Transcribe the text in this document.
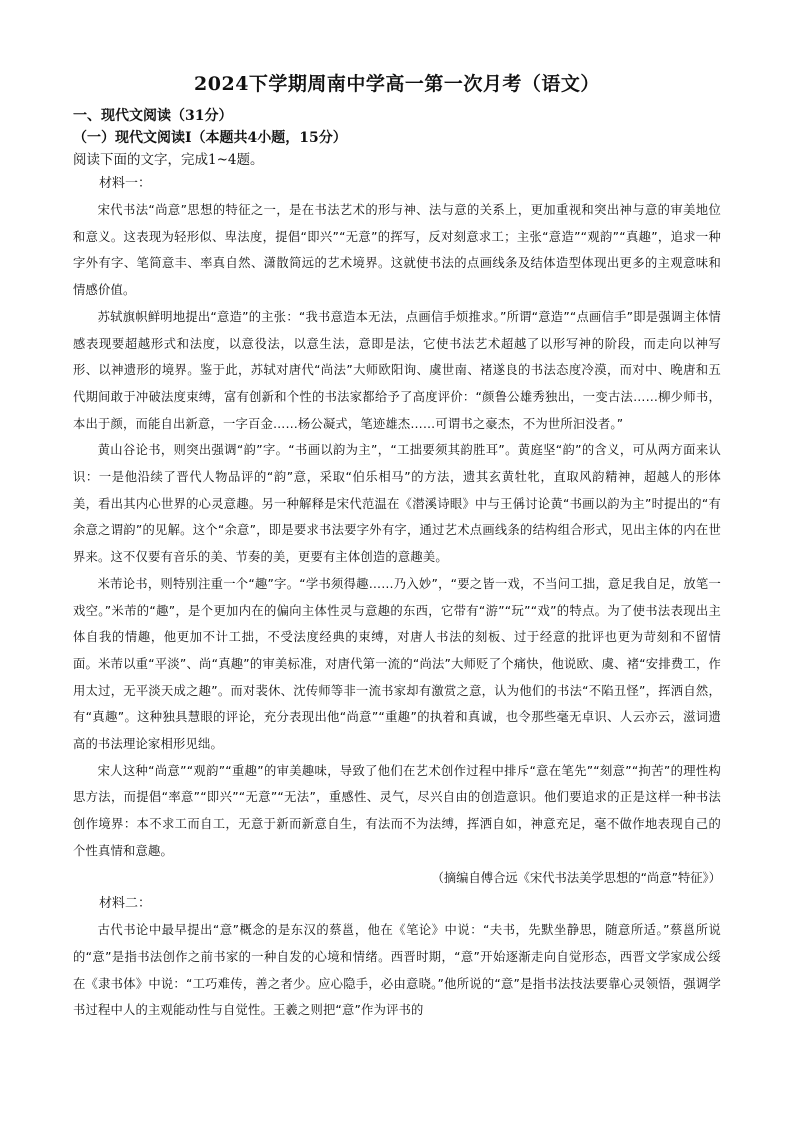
2024下学期周南中学高一第一次月考（语文）

一、现代文阅读（31分）

（一）现代文阅读Ⅰ（本题共4小题，15分）

阅读下面的文字，完成1~4题。

材料一：

宋代书法“尚意”思想的特征之一，是在书法艺术的形与神、法与意的关系上，更加重视和突出神与意的审美地位和意义。这表现为轻形似、卑法度，提倡“即兴”“无意”的挥写，反对刻意求工；主张“意造”“观韵”“真趣”，追求一种字外有字、笔简意丰、率真自然、潇散简远的艺术境界。这就使书法的点画线条及结体造型体现出更多的主观意味和情感价值。

苏轼旗帜鲜明地提出“意造”的主张：“我书意造本无法，点画信手烦推求。”所谓“意造”“点画信手”即是强调主体情感表现要超越形式和法度，以意役法，以意生法，意即是法，它使书法艺术超越了以形写神的阶段，而走向以神写形、以神遗形的境界。鉴于此，苏轼对唐代“尚法”大师欧阳询、虞世南、褚遂良的书法态度冷漠，而对中、晚唐和五代期间敢于冲破法度束缚，富有创新和个性的书法家都给予了高度评价：“颜鲁公雄秀独出，一变古法……柳少师书，本出于颜，而能自出新意，一字百金……杨公凝式，笔迹雄杰……可谓书之豪杰，不为世所汩没者。”

黄山谷论书，则突出强调“韵”字。“书画以韵为主”，“工拙要须其韵胜耳”。黄庭坚“韵”的含义，可从两方面来认识：一是他沿续了晋代人物品评的“韵”意，采取“伯乐相马”的方法，遗其玄黄牡牝，直取风韵精神，超越人的形体美，看出其内心世界的心灵意趣。另一种解释是宋代范温在《潜溪诗眼》中与王偁讨论黄“书画以韵为主”时提出的“有余意之谓韵”的见解。这个“余意”，即是要求书法要字外有字，通过艺术点画线条的结构组合形式，见出主体的内在世界来。这不仅要有音乐的美、节奏的美，更要有主体创造的意趣美。

米芾论书，则特别注重一个“趣”字。“学书须得趣……乃入妙”，“要之皆一戏，不当问工拙，意足我自足，放笔一戏空。”米芾的“趣”，是个更加内在的偏向主体性灵与意趣的东西，它带有“游”“玩”“戏”的特点。为了使书法表现出主体自我的情趣，他更加不计工拙，不受法度经典的束缚，对唐人书法的刻板、过于经意的批评也更为苛刻和不留情面。米芾以重“平淡”、尚“真趣”的审美标准，对唐代第一流的“尚法”大师贬了个痛快，他说欧、虞、褚“安排费工，作用太过，无平淡天成之趣”。而对裴休、沈传师等非一流书家却有激赏之意，认为他们的书法“不陷丑怪”，挥洒自然，有“真趣”。这种独具慧眼的评论，充分表现出他“尚意”“重趣”的执着和真诚，也令那些毫无卓识、人云亦云，滋词遗高的书法理论家相形见绌。

宋人这种“尚意”“观韵”“重趣”的审美趣味，导致了他们在艺术创作过程中排斥“意在笔先”“刻意”“拘苦”的理性构思方法，而提倡“率意”“即兴”“无意”“无法”，重感性、灵气，尽兴自由的创造意识。他们要追求的正是这样一种书法创作境界：本不求工而自工，无意于新而新意自生，有法而不为法缚，挥洒自如，神意充足，毫不做作地表现自己的个性真情和意趣。

（摘编自傅合远《宋代书法美学思想的“尚意”特征》）

材料二：

古代书论中最早提出“意”概念的是东汉的蔡邕，他在《笔论》中说：“夫书，先默坐静思，随意所适。”蔡邕所说的“意”是指书法创作之前书家的一种自发的心境和情绪。西晋时期，“意”开始逐渐走向自觉形态，西晋文学家成公绥在《隶书体》中说：“工巧难传，善之者少。应心隐手，必由意晓。”他所说的“意”是指书法技法要靠心灵领悟，强调学书过程中人的主观能动性与自觉性。王羲之则把“意”作为评书的
